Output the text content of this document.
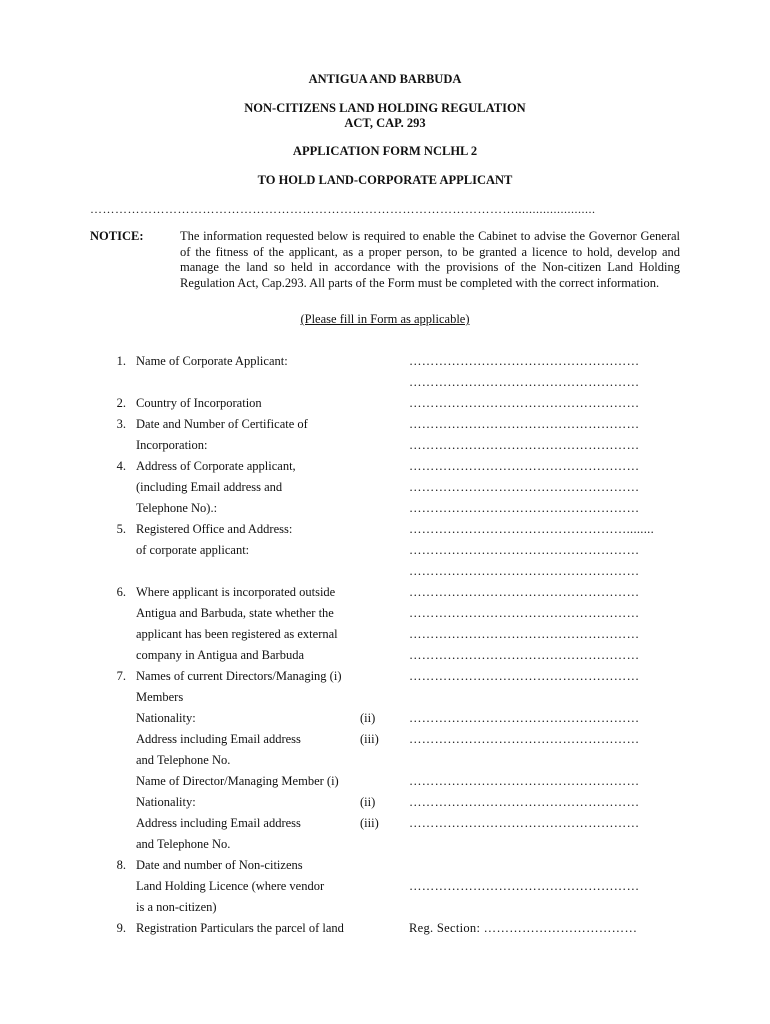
ANTIGUA AND BARBUDA
NON-CITIZENS LAND HOLDING REGULATION
ACT, CAP. 293
APPLICATION FORM NCLHL 2
TO HOLD LAND-CORPORATE APPLICANT
………………………………………………………………………………………….......................
NOTICE:	The information requested below is required to enable the Cabinet to advise the Governor General of the fitness of the applicant, as a proper person, to be granted a licence to hold, develop and manage the land so held in accordance with the provisions of the Non-citizen Land Holding Regulation Act, Cap.293. All parts of the Form must be completed with the correct information.
(Please fill in Form as applicable)
1. Name of Corporate Applicant:	………………………………………………
………………………………………………
2. Country of Incorporation	………………………………………………
3. Date and Number of Certificate of	………………………………………………
Incorporation:	………………………………………………
4. Address of Corporate applicant,	………………………………………………
(including Email address and	………………………………………………
Telephone No).:	………………………………………………
5. Registered Office and Address:	……………………………………………........
of corporate applicant:	………………………………………………
………………………………………………
6. Where applicant is incorporated outside	………………………………………………
Antigua and Barbuda, state whether the	………………………………………………
applicant has been registered as external	………………………………………………
company in Antigua and Barbuda	………………………………………………
7. Names of current Directors/Managing (i)	………………………………………………
Members
Nationality:	(ii)	………………………………………………
Address including Email address	(iii)	………………………………………………
and Telephone No.
Name of Director/Managing Member (i)	………………………………………………
Nationality:	(ii)	………………………………………………
Address including Email address	(iii)	………………………………………………
and Telephone No.
8. Date and number of Non-citizens
Land Holding Licence (where vendor	………………………………………………
is a non-citizen)
9. Registration Particulars the parcel of land	Reg. Section: ………………………………
